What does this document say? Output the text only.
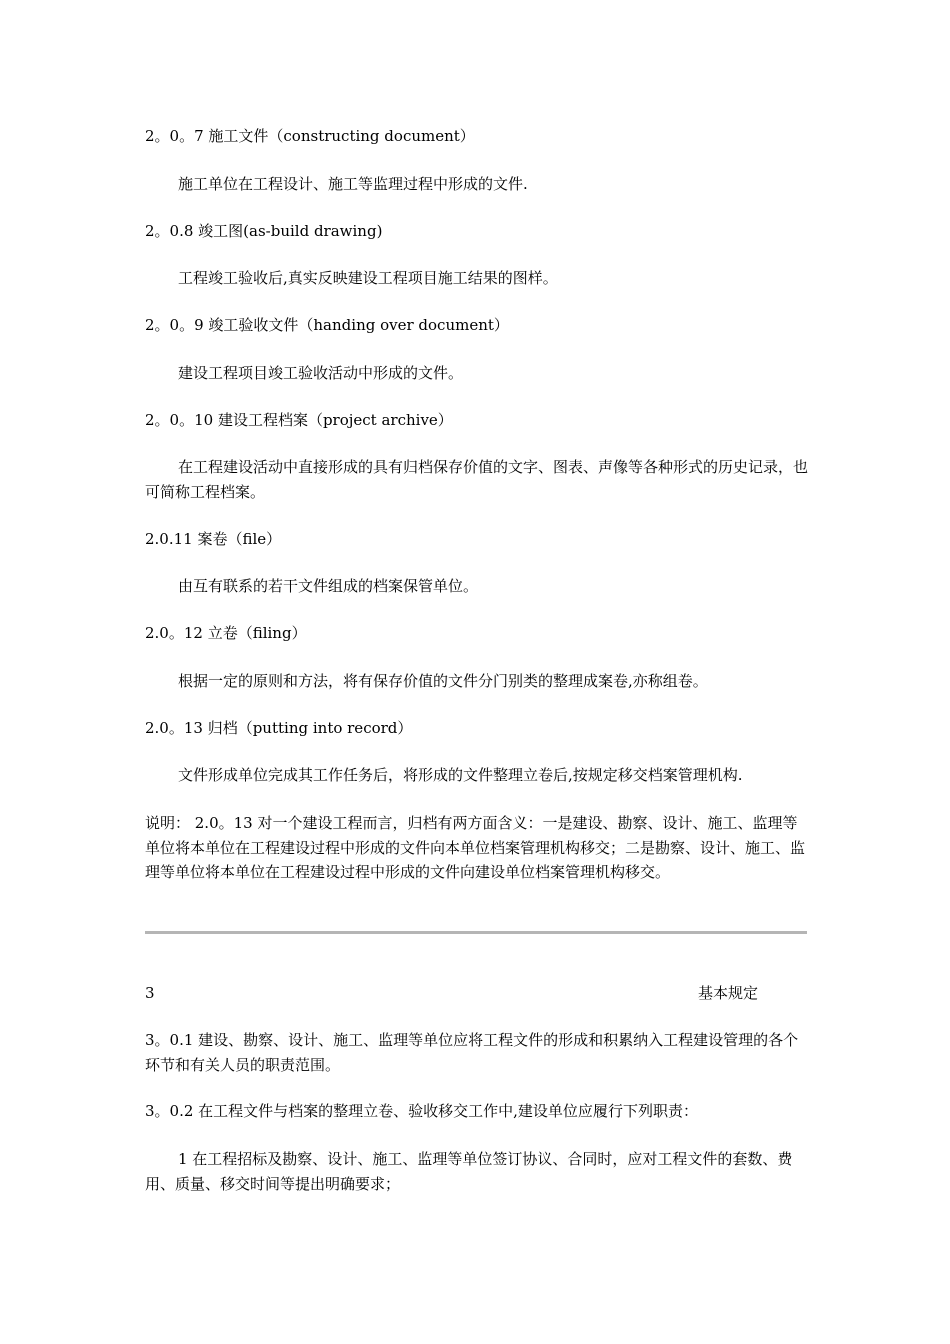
2。0。7 施工文件（constructing document）
施工单位在工程设计、施工等监理过程中形成的文件.
2。0.8 竣工图(as-build drawing)
工程竣工验收后,真实反映建设工程项目施工结果的图样。
2。0。9 竣工验收文件（handing over document）
建设工程项目竣工验收活动中形成的文件。
2。0。10 建设工程档案（project archive）
在工程建设活动中直接形成的具有归档保存价值的文字、图表、声像等各种形式的历史记录，也可简称工程档案。
2.0.11 案卷（file）
由互有联系的若干文件组成的档案保管单位。
2.0。12 立卷（filing）
根据一定的原则和方法，将有保存价值的文件分门别类的整理成案卷,亦称组卷。
2.0。13 归档（putting into record）
文件形成单位完成其工作任务后，将形成的文件整理立卷后,按规定移交档案管理机构.
说明： 2.0。13 对一个建设工程而言，归档有两方面含义：一是建设、勘察、设计、施工、监理等单位将本单位在工程建设过程中形成的文件向本单位档案管理机构移交；二是勘察、设计、施工、监理等单位将本单位在工程建设过程中形成的文件向建设单位档案管理机构移交。
3	基本规定
3。0.1 建设、勘察、设计、施工、监理等单位应将工程文件的形成和积累纳入工程建设管理的各个环节和有关人员的职责范围。
3。0.2 在工程文件与档案的整理立卷、验收移交工作中,建设单位应履行下列职责：
1 在工程招标及勘察、设计、施工、监理等单位签订协议、合同时，应对工程文件的套数、费用、质量、移交时间等提出明确要求；
